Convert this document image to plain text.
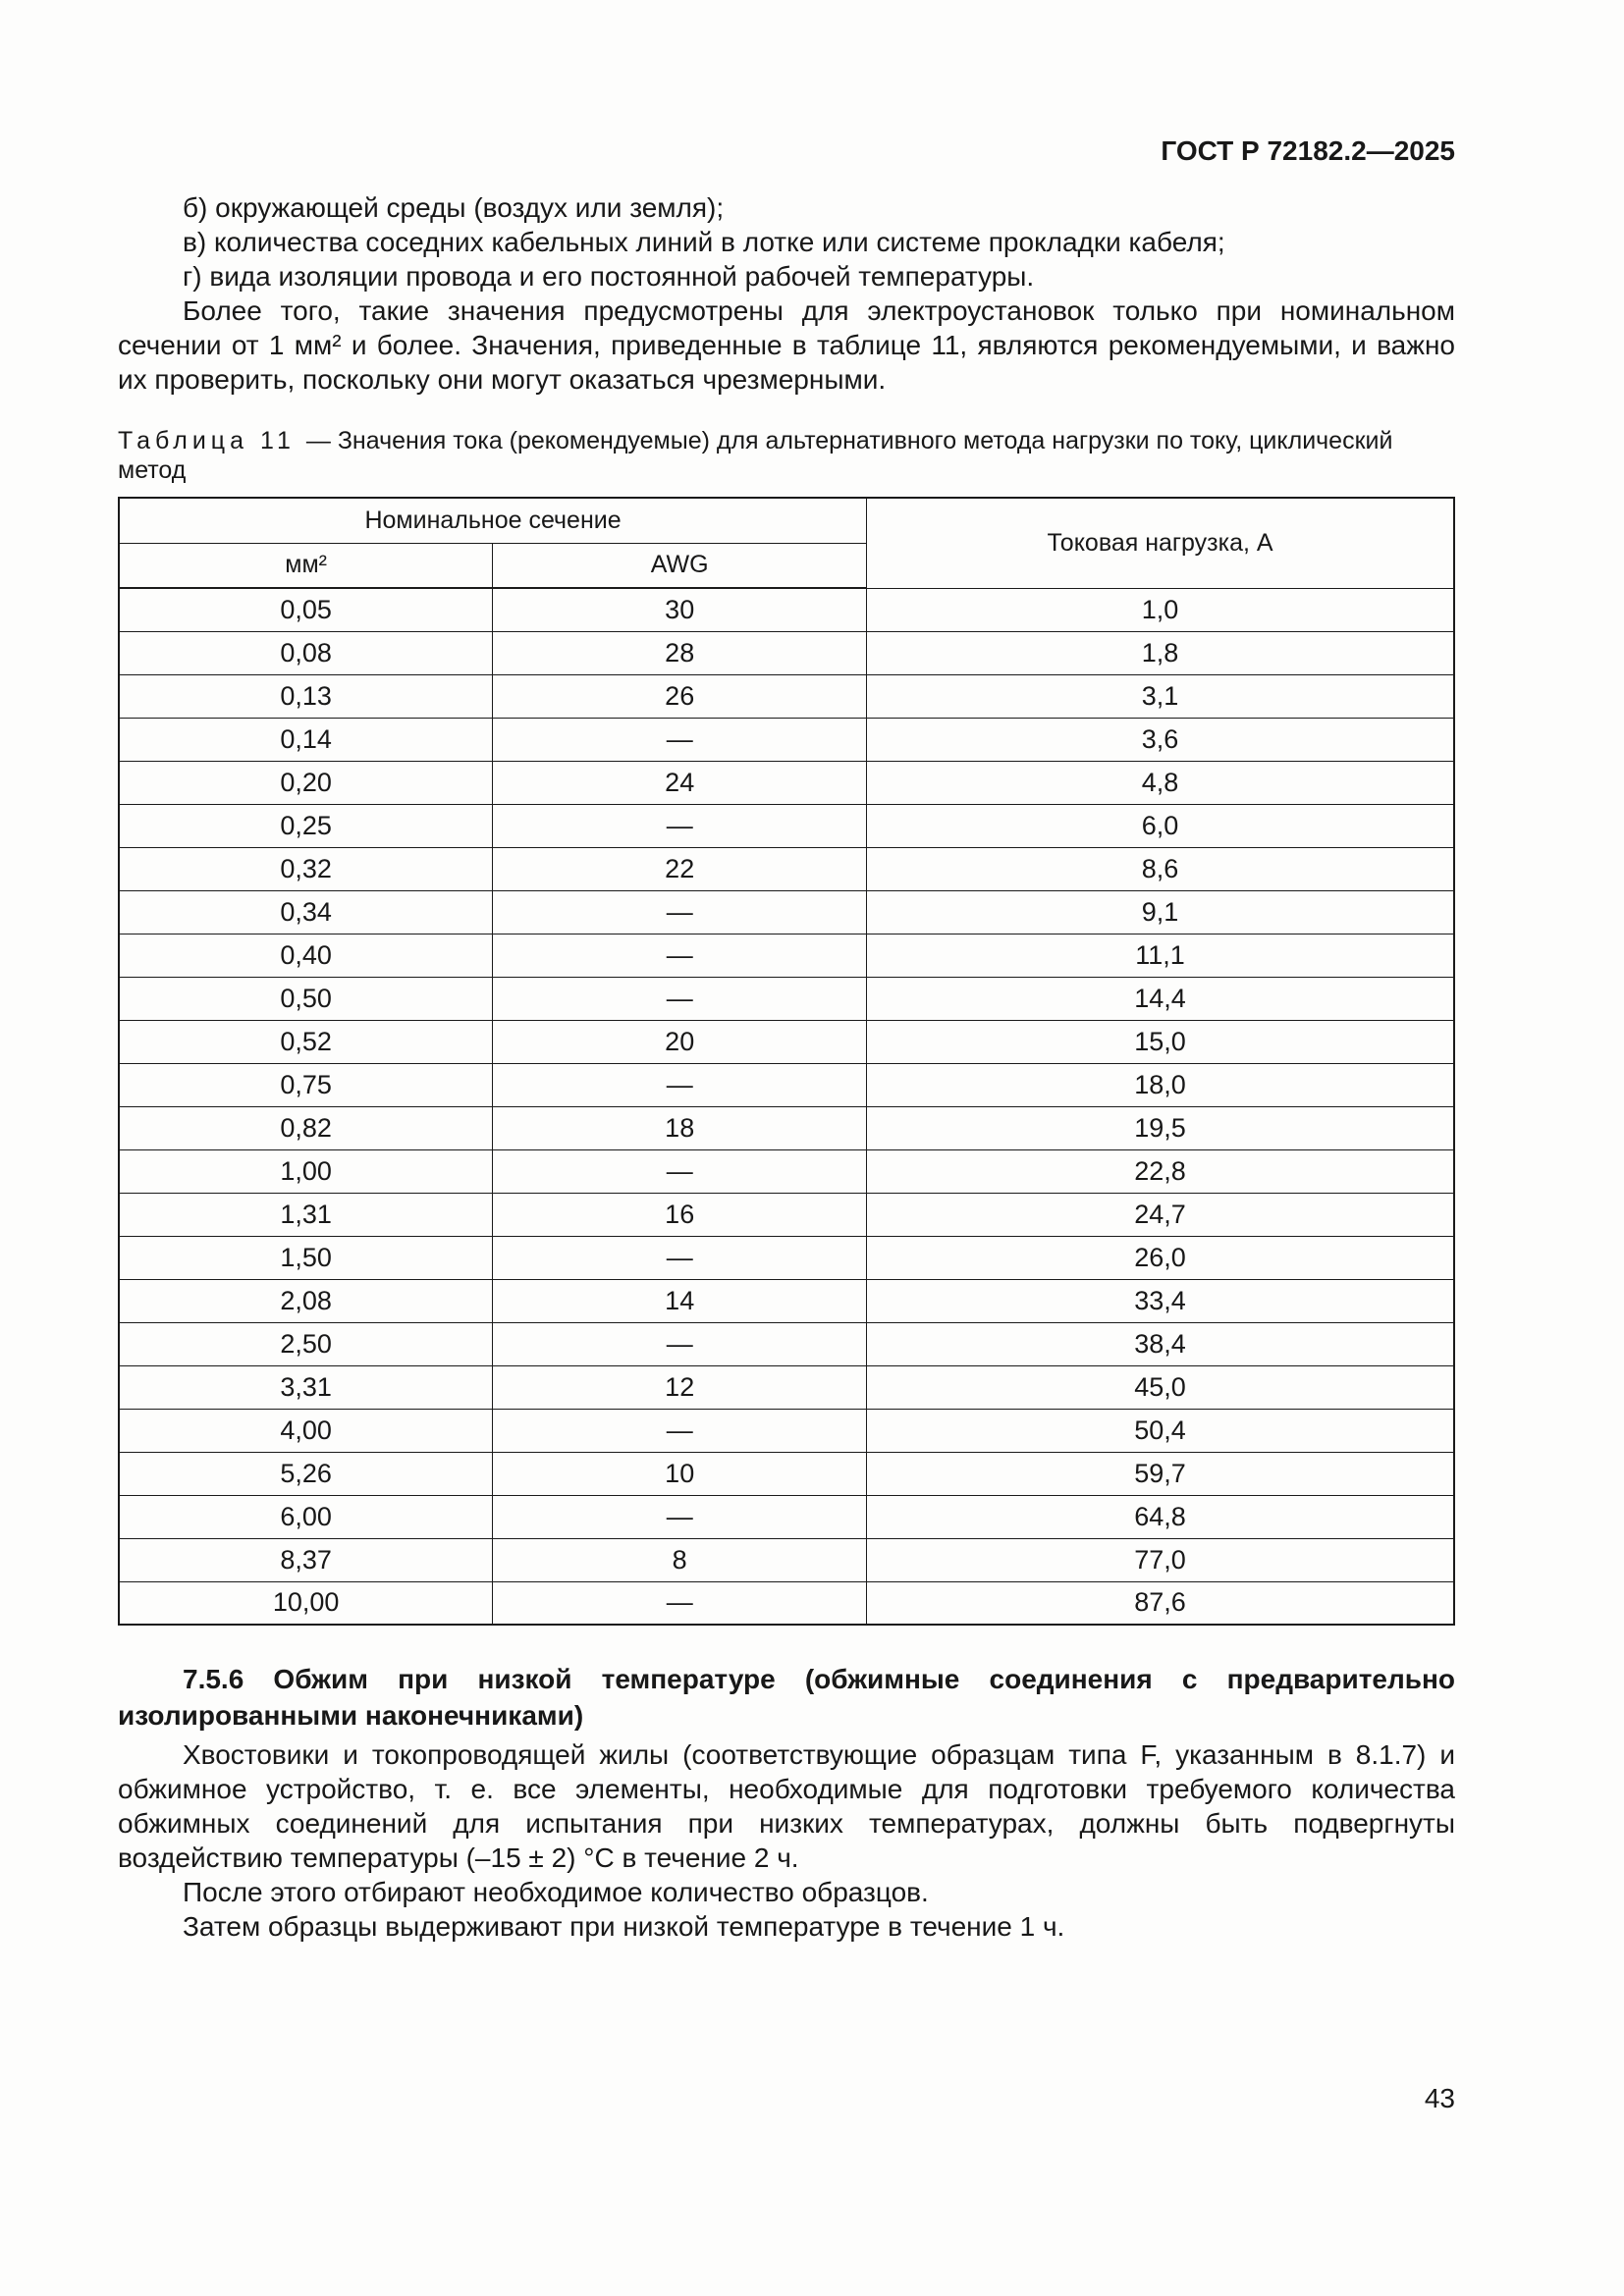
ГОСТ Р 72182.2—2025

б) окружающей среды (воздух или земля);

в) количества соседних кабельных линий в лотке или системе прокладки кабеля;

г) вида изоляции провода и его постоянной рабочей температуры.

Более того, такие значения предусмотрены для электроустановок только при номинальном сечении от 1 мм² и более. Значения, приведенные в таблице 11, являются рекомендуемыми, и важно их проверить, поскольку они могут оказаться чрезмерными.

Таблица 11 — Значения тока (рекомендуемые) для альтернативного метода нагрузки по току, циклический метод
Номинальное сечение		Токовая нагрузка, А
мм²	AWG	
0,05	30	1,0
0,08	28	1,8
0,13	26	3,1
0,14	—	3,6
0,20	24	4,8
0,25	—	6,0
0,32	22	8,6
0,34	—	9,1
0,40	—	11,1
0,50	—	14,4
0,52	20	15,0
0,75	—	18,0
0,82	18	19,5
1,00	—	22,8
1,31	16	24,7
1,50	—	26,0
2,08	14	33,4
2,50	—	38,4
3,31	12	45,0
4,00	—	50,4
5,26	10	59,7
6,00	—	64,8
8,37	8	77,0
10,00	—	87,6

7.5.6 Обжим при низкой температуре (обжимные соединения с предварительно изолированными наконечниками)

Хвостовики и токопроводящей жилы (соответствующие образцам типа F, указанным в 8.1.7) и обжимное устройство, т. е. все элементы, необходимые для подготовки требуемого количества обжимных соединений для испытания при низких температурах, должны быть подвергнуты воздействию температуры (–15 ± 2) °С в течение 2 ч.

После этого отбирают необходимое количество образцов.

Затем образцы выдерживают при низкой температуре в течение 1 ч.

43
